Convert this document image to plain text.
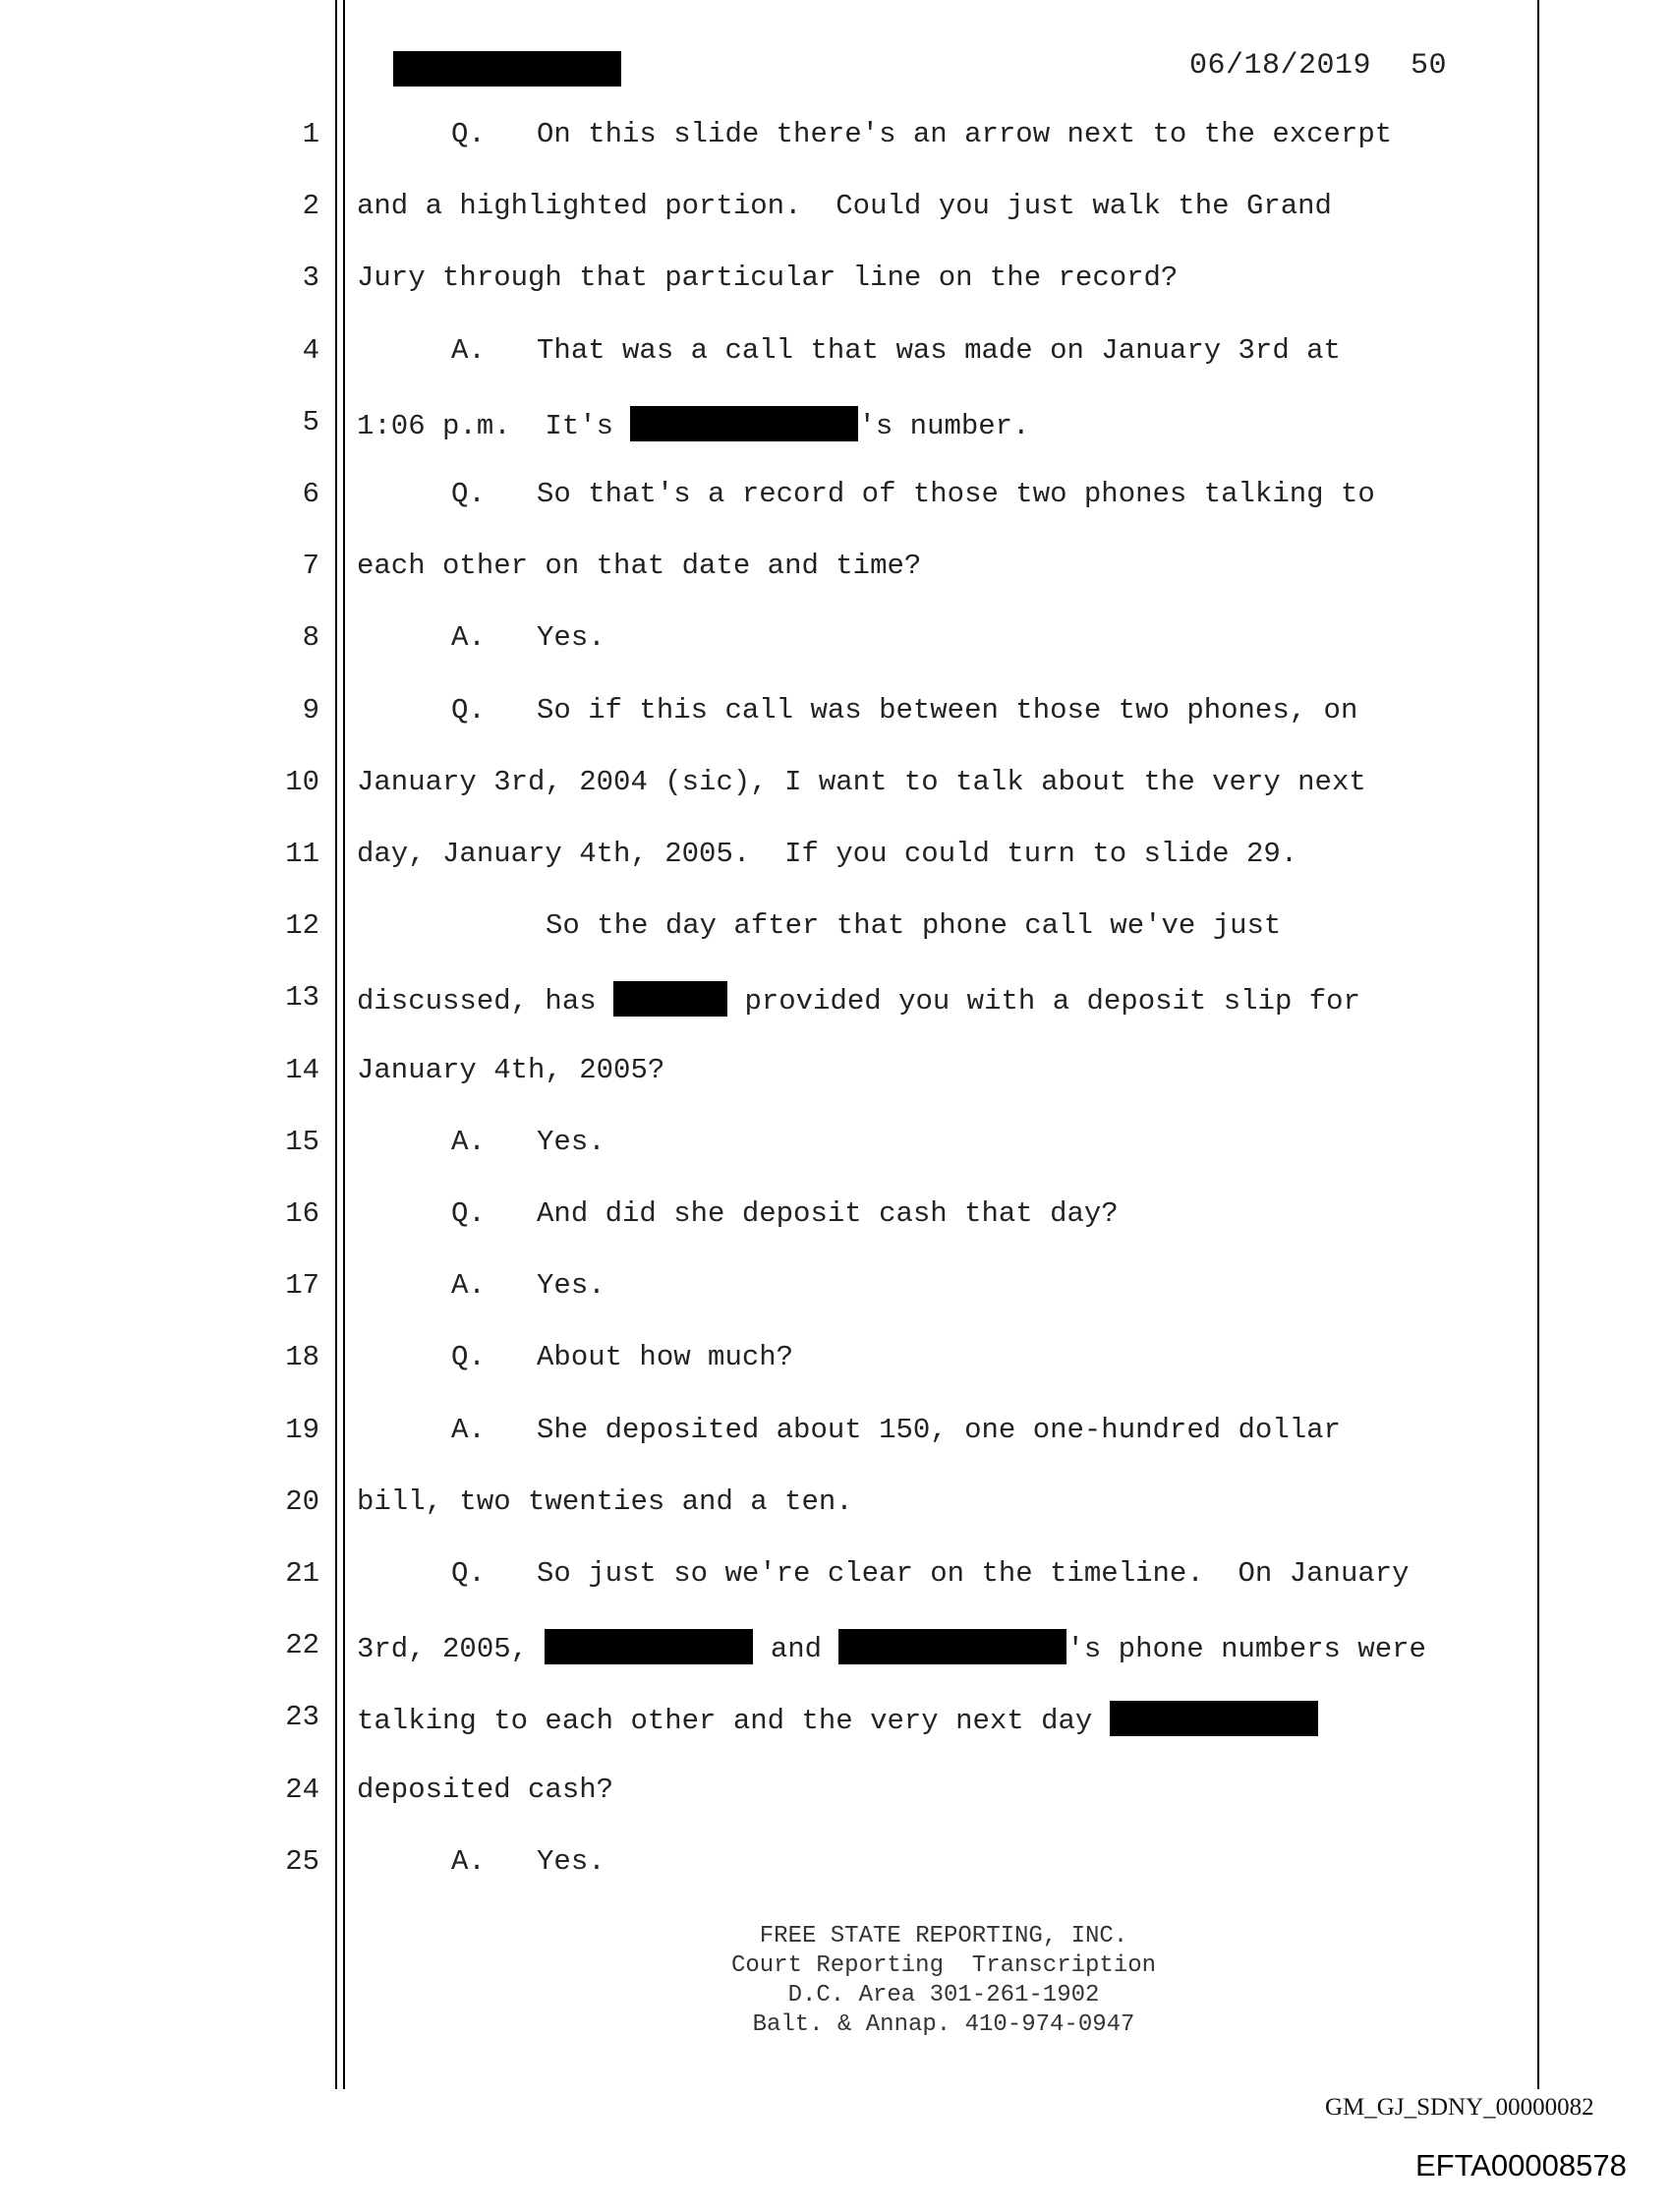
06/18/2019 50
1	Q.   On this slide there's an arrow next to the excerpt
2 and a highlighted portion.  Could you just walk the Grand
3 Jury through that particular line on the record?
4	A.   That was a call that was made on January 3rd at
5 1:06 p.m.  It's	's number.
6	Q.   So that's a record of those two phones talking to
7 each other on that date and time?
8	A.   Yes.
9	Q.   So if this call was between those two phones, on
10 January 3rd, 2004 (sic), I want to talk about the very next
11 day, January 4th, 2005.  If you could turn to slide 29.
12	So the day after that phone call we've just
13 discussed, has	provided you with a deposit slip for
14 January 4th, 2005?
15	A.   Yes.
16	Q.   And did she deposit cash that day?
17	A.   Yes.
18	Q.   About how much?
19	A.   She deposited about 150, one one-hundred dollar
20 bill, two twenties and a ten.
21	Q.   So just so we're clear on the timeline.  On January
22 3rd, 2005,	and	's phone numbers were
23 talking to each other and the very next day
24 deposited cash?
25	A.   Yes.
FREE STATE REPORTING, INC.
Court Reporting  Transcription
D.C. Area 301-261-1902
Balt. & Annap. 410-974-0947
GM_GJ_SDNY_00000082
EFTA00008578
